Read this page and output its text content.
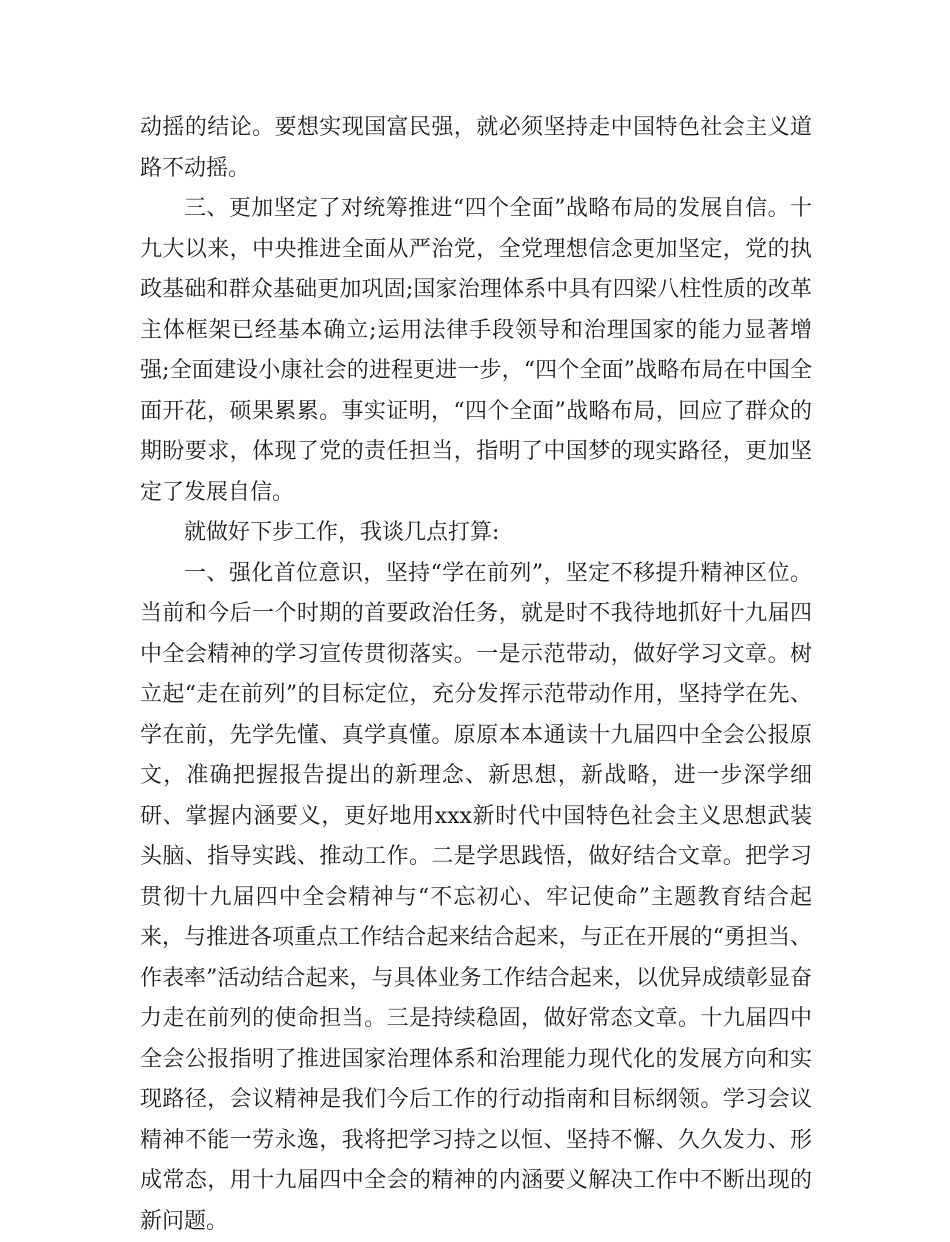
动摇的结论。要想实现国富民强，就必须坚持走中国特色社会主义道路不动摇。

三、更加坚定了对统筹推进“四个全面”战略布局的发展自信。十九大以来，中央推进全面从严治党，全党理想信念更加坚定，党的执政基础和群众基础更加巩固;国家治理体系中具有四梁八柱性质的改革主体框架已经基本确立;运用法律手段领导和治理国家的能力显著增强;全面建设小康社会的进程更进一步，“四个全面”战略布局在中国全面开花，硕果累累。事实证明，“四个全面”战略布局，回应了群众的期盼要求，体现了党的责任担当，指明了中国梦的现实路径，更加坚定了发展自信。

就做好下步工作，我谈几点打算:

一、强化首位意识，坚持“学在前列”，坚定不移提升精神区位。当前和今后一个时期的首要政治任务，就是时不我待地抓好十九届四中全会精神的学习宣传贯彻落实。一是示范带动，做好学习文章。树立起“走在前列”的目标定位，充分发挥示范带动作用，坚持学在先、学在前，先学先懂、真学真懂。原原本本通读十九届四中全会公报原文，准确把握报告提出的新理念、新思想，新战略，进一步深学细研、掌握内涵要义，更好地用xxx新时代中国特色社会主义思想武装头脑、指导实践、推动工作。二是学思践悟，做好结合文章。把学习贯彻十九届四中全会精神与“不忘初心、牢记使命”主题教育结合起来，与推进各项重点工作结合起来结合起来，与正在开展的“勇担当、作表率”活动结合起来，与具体业务工作结合起来，以优异成绩彰显奋力走在前列的使命担当。三是持续稳固，做好常态文章。十九届四中全会公报指明了推进国家治理体系和治理能力现代化的发展方向和实现路径，会议精神是我们今后工作的行动指南和目标纲领。学习会议精神不能一劳永逸，我将把学习持之以恒、坚持不懈、久久发力、形成常态，用十九届四中全会的精神的内涵要义解决工作中不断出现的新问题。
